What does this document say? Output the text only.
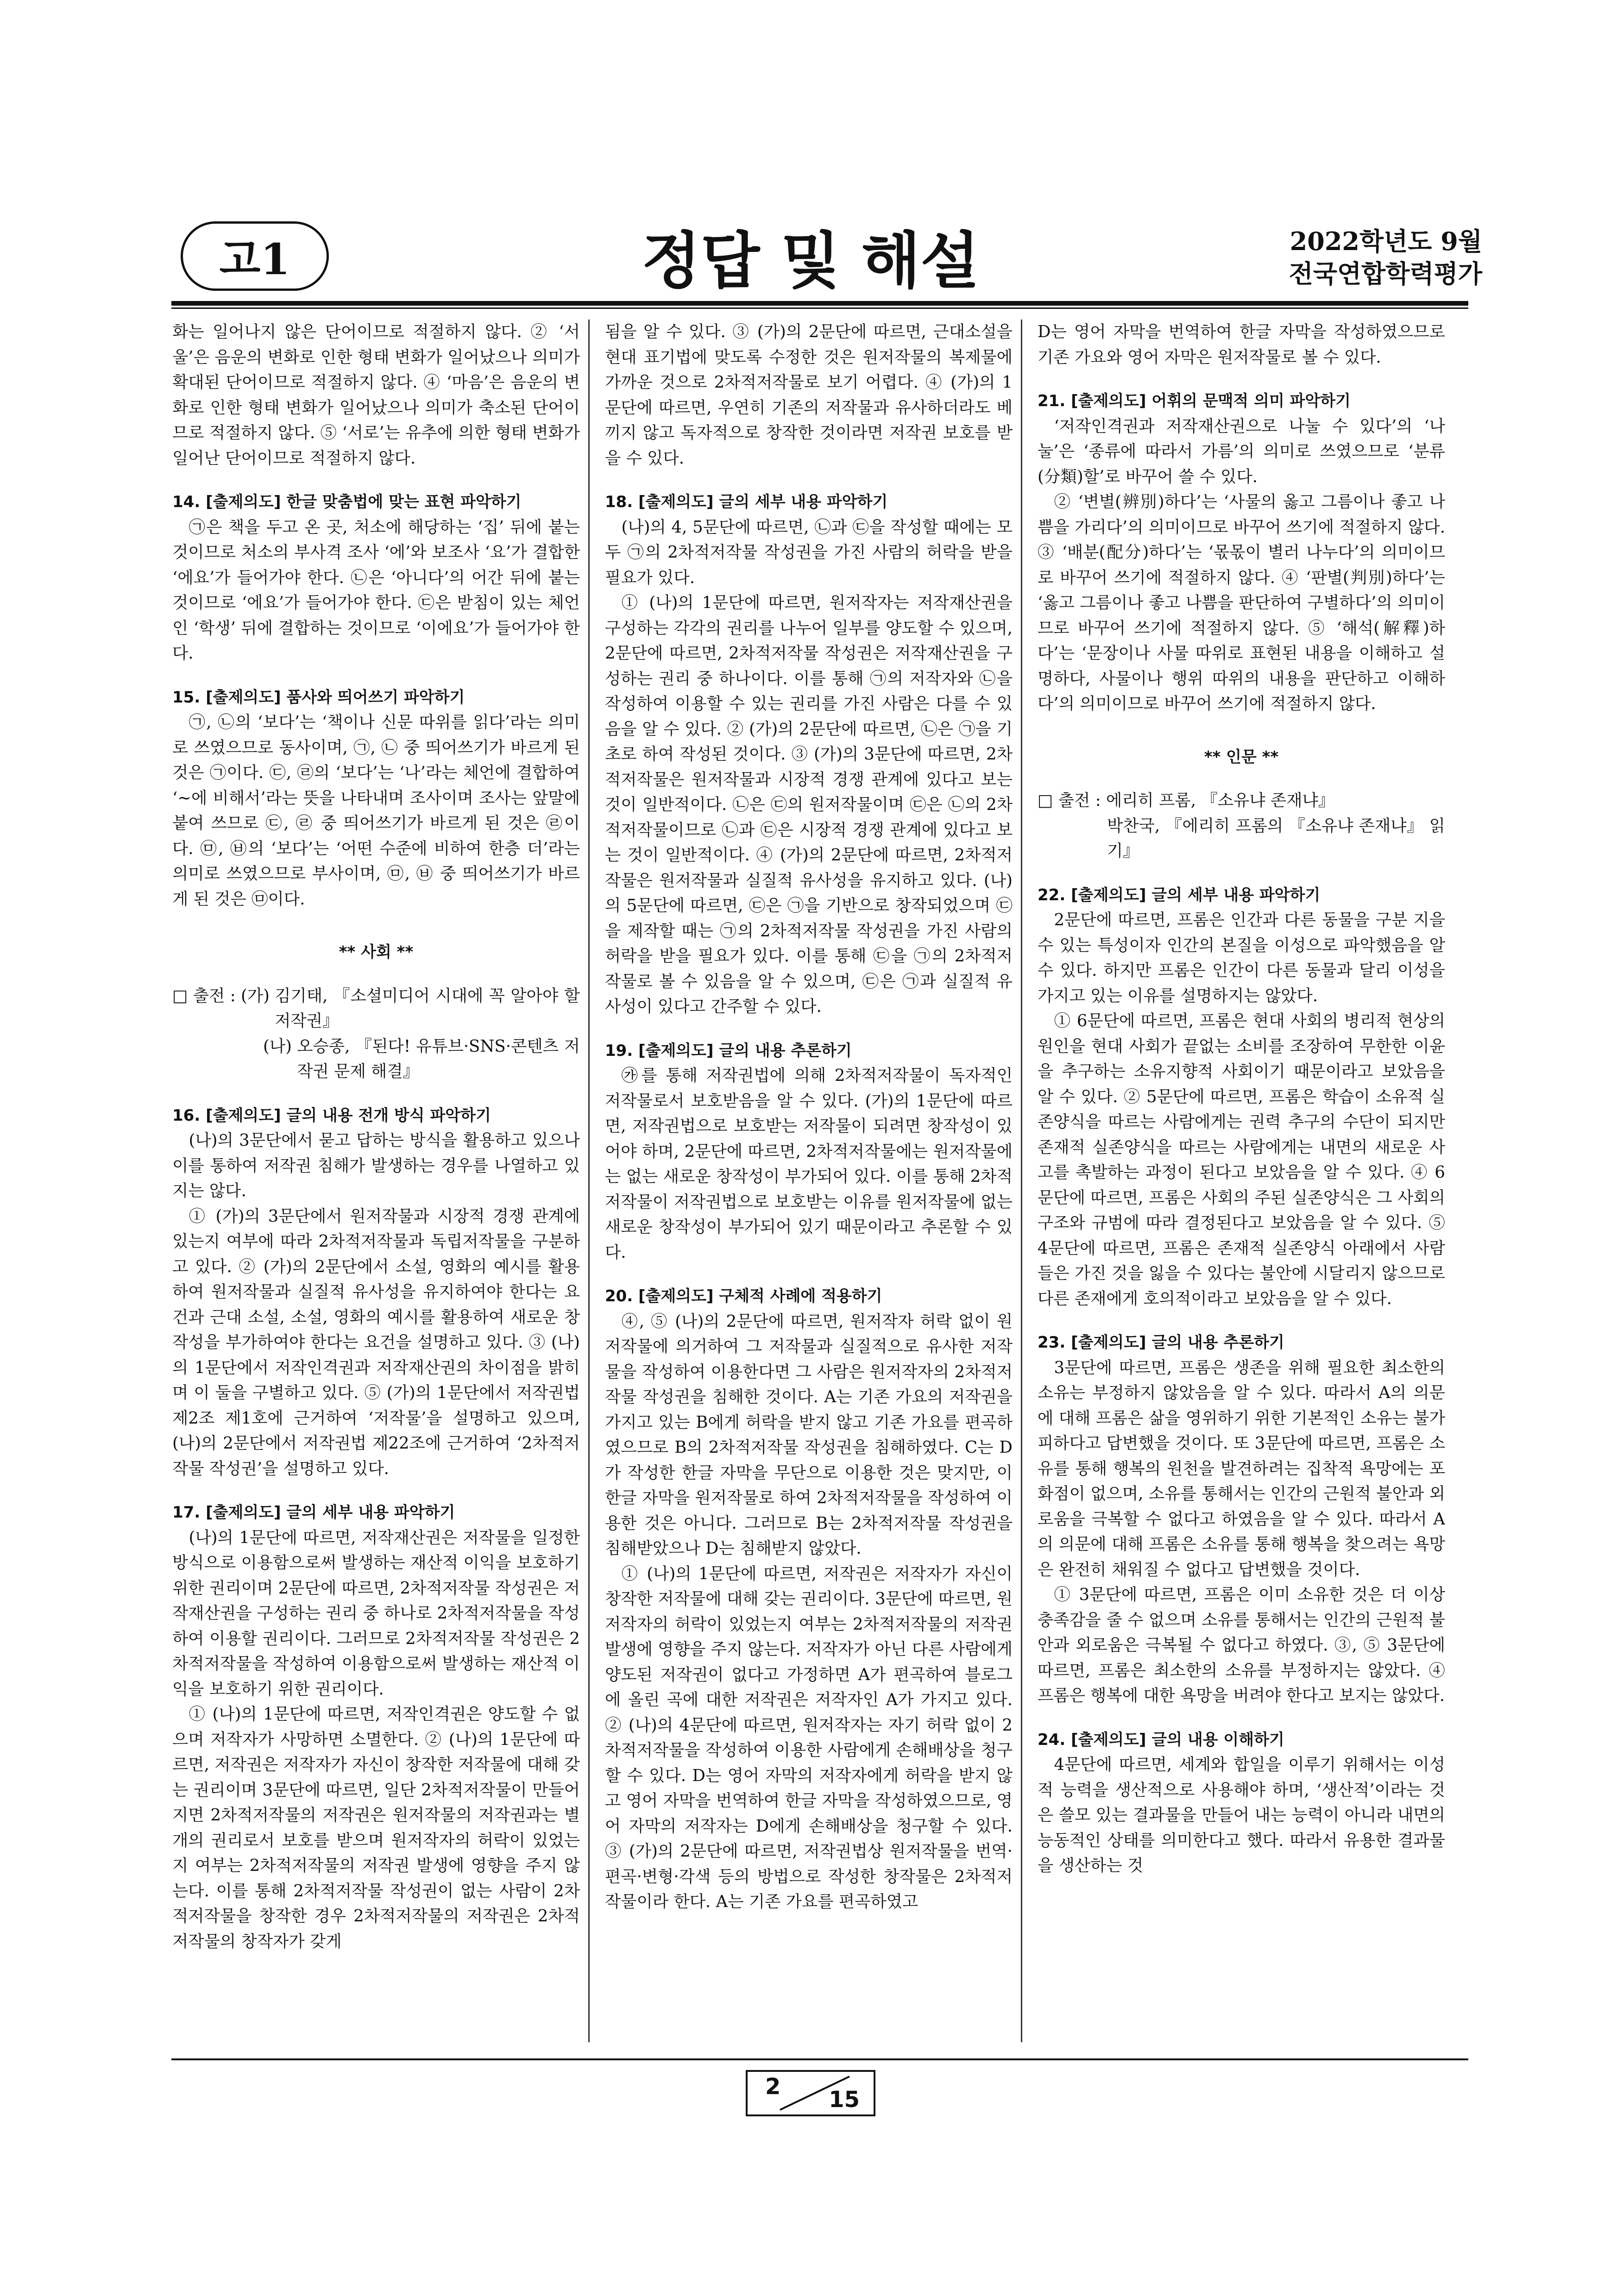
고1	정답 및 해설	2022학년도 9월
전국연합학력평가

화는 일어나지 않은 단어이므로 적절하지 않다. ② ‘서울’은 음운의 변화로 인한 형태 변화가 일어났으나 의미가 확대된 단어이므로 적절하지 않다. ④ ‘마음’은 음운의 변화로 인한 형태 변화가 일어났으나 의미가 축소된 단어이므로 적절하지 않다. ⑤ ‘서로’는 유추에 의한 형태 변화가 일어난 단어이므로 적절하지 않다.

14. [출제의도] 한글 맞춤법에 맞는 표현 파악하기

㉠은 책을 두고 온 곳, 처소에 해당하는 ‘집’ 뒤에 붙는 것이므로 처소의 부사격 조사 ‘에’와 보조사 ‘요’가 결합한 ‘에요’가 들어가야 한다. ㉡은 ‘아니다’의 어간 뒤에 붙는 것이므로 ‘에요’가 들어가야 한다. ㉢은 받침이 있는 체언인 ‘학생’ 뒤에 결합하는 것이므로 ‘이에요’가 들어가야 한다.

15. [출제의도] 품사와 띄어쓰기 파악하기

㉠, ㉡의 ‘보다’는 ‘책이나 신문 따위를 읽다’라는 의미로 쓰였으므로 동사이며, ㉠, ㉡ 중 띄어쓰기가 바르게 된 것은 ㉠이다. ㉢, ㉣의 ‘보다’는 ‘나’라는 체언에 결합하여 ‘~에 비해서’라는 뜻을 나타내며 조사이며 조사는 앞말에 붙여 쓰므로 ㉢, ㉣ 중 띄어쓰기가 바르게 된 것은 ㉣이다. ㉤, ㉥의 ‘보다’는 ‘어떤 수준에 비하여 한층 더’라는 의미로 쓰였으므로 부사이며, ㉤, ㉥ 중 띄어쓰기가 바르게 된 것은 ㉤이다.

** 사회 **
□ 출전 : (가) 김기태, 『소셜미디어 시대에 꼭 알아야 할 저작권』
(나) 오승종, 『된다! 유튜브·SNS·콘텐츠 저작권 문제 해결』
16. [출제의도] 글의 내용 전개 방식 파악하기

(나)의 3문단에서 묻고 답하는 방식을 활용하고 있으나 이를 통하여 저작권 침해가 발생하는 경우를 나열하고 있지는 않다.

① (가)의 3문단에서 원저작물과 시장적 경쟁 관계에 있는지 여부에 따라 2차적저작물과 독립저작물을 구분하고 있다. ② (가)의 2문단에서 소설, 영화의 예시를 활용하여 원저작물과 실질적 유사성을 유지하여야 한다는 요건과 근대 소설, 소설, 영화의 예시를 활용하여 새로운 창작성을 부가하여야 한다는 요건을 설명하고 있다. ③ (나)의 1문단에서 저작인격권과 저작재산권의 차이점을 밝히며 이 둘을 구별하고 있다. ⑤ (가)의 1문단에서 저작권법 제2조 제1호에 근거하여 ‘저작물’을 설명하고 있으며, (나)의 2문단에서 저작권법 제22조에 근거하여 ‘2차적저작물 작성권’을 설명하고 있다.

17. [출제의도] 글의 세부 내용 파악하기

(나)의 1문단에 따르면, 저작재산권은 저작물을 일정한 방식으로 이용함으로써 발생하는 재산적 이익을 보호하기 위한 권리이며 2문단에 따르면, 2차적저작물 작성권은 저작재산권을 구성하는 권리 중 하나로 2차적저작물을 작성하여 이용할 권리이다. 그러므로 2차적저작물 작성권은 2차적저작물을 작성하여 이용함으로써 발생하는 재산적 이익을 보호하기 위한 권리이다.

① (나)의 1문단에 따르면, 저작인격권은 양도할 수 없으며 저작자가 사망하면 소멸한다. ② (나)의 1문단에 따르면, 저작권은 저작자가 자신이 창작한 저작물에 대해 갖는 권리이며 3문단에 따르면, 일단 2차적저작물이 만들어지면 2차적저작물의 저작권은 원저작물의 저작권과는 별개의 권리로서 보호를 받으며 원저작자의 허락이 있었는지 여부는 2차적저작물의 저작권 발생에 영향을 주지 않는다. 이를 통해 2차적저작물 작성권이 없는 사람이 2차적저작물을 창작한 경우 2차적저작물의 저작권은 2차적저작물의 창작자가 갖게

됨을 알 수 있다. ③ (가)의 2문단에 따르면, 근대소설을 현대 표기법에 맞도록 수정한 것은 원저작물의 복제물에 가까운 것으로 2차적저작물로 보기 어렵다. ④ (가)의 1문단에 따르면, 우연히 기존의 저작물과 유사하더라도 베끼지 않고 독자적으로 창작한 것이라면 저작권 보호를 받을 수 있다.

18. [출제의도] 글의 세부 내용 파악하기

(나)의 4, 5문단에 따르면, ㉡과 ㉢을 작성할 때에는 모두 ㉠의 2차적저작물 작성권을 가진 사람의 허락을 받을 필요가 있다.

① (나)의 1문단에 따르면, 원저작자는 저작재산권을 구성하는 각각의 권리를 나누어 일부를 양도할 수 있으며, 2문단에 따르면, 2차적저작물 작성권은 저작재산권을 구성하는 권리 중 하나이다. 이를 통해 ㉠의 저작자와 ㉡을 작성하여 이용할 수 있는 권리를 가진 사람은 다를 수 있음을 알 수 있다. ② (가)의 2문단에 따르면, ㉡은 ㉠을 기초로 하여 작성된 것이다. ③ (가)의 3문단에 따르면, 2차적저작물은 원저작물과 시장적 경쟁 관계에 있다고 보는 것이 일반적이다. ㉡은 ㉢의 원저작물이며 ㉢은 ㉡의 2차적저작물이므로 ㉡과 ㉢은 시장적 경쟁 관계에 있다고 보는 것이 일반적이다. ④ (가)의 2문단에 따르면, 2차적저작물은 원저작물과 실질적 유사성을 유지하고 있다. (나)의 5문단에 따르면, ㉢은 ㉠을 기반으로 창작되었으며 ㉢을 제작할 때는 ㉠의 2차적저작물 작성권을 가진 사람의 허락을 받을 필요가 있다. 이를 통해 ㉢을 ㉠의 2차적저작물로 볼 수 있음을 알 수 있으며, ㉢은 ㉠과 실질적 유사성이 있다고 간주할 수 있다.

19. [출제의도] 글의 내용 추론하기

㉮를 통해 저작권법에 의해 2차적저작물이 독자적인 저작물로서 보호받음을 알 수 있다. (가)의 1문단에 따르면, 저작권법으로 보호받는 저작물이 되려면 창작성이 있어야 하며, 2문단에 따르면, 2차적저작물에는 원저작물에는 없는 새로운 창작성이 부가되어 있다. 이를 통해 2차적저작물이 저작권법으로 보호받는 이유를 원저작물에 없는 새로운 창작성이 부가되어 있기 때문이라고 추론할 수 있다.

20. [출제의도] 구체적 사례에 적용하기

④, ⑤ (나)의 2문단에 따르면, 원저작자 허락 없이 원저작물에 의거하여 그 저작물과 실질적으로 유사한 저작물을 작성하여 이용한다면 그 사람은 원저작자의 2차적저작물 작성권을 침해한 것이다. A는 기존 가요의 저작권을 가지고 있는 B에게 허락을 받지 않고 기존 가요를 편곡하였으므로 B의 2차적저작물 작성권을 침해하였다. C는 D가 작성한 한글 자막을 무단으로 이용한 것은 맞지만, 이 한글 자막을 원저작물로 하여 2차적저작물을 작성하여 이용한 것은 아니다. 그러므로 B는 2차적저작물 작성권을 침해받았으나 D는 침해받지 않았다.

① (나)의 1문단에 따르면, 저작권은 저작자가 자신이 창작한 저작물에 대해 갖는 권리이다. 3문단에 따르면, 원저작자의 허락이 있었는지 여부는 2차적저작물의 저작권 발생에 영향을 주지 않는다. 저작자가 아닌 다른 사람에게 양도된 저작권이 없다고 가정하면 A가 편곡하여 블로그에 올린 곡에 대한 저작권은 저작자인 A가 가지고 있다. ② (나)의 4문단에 따르면, 원저작자는 자기 허락 없이 2차적저작물을 작성하여 이용한 사람에게 손해배상을 청구할 수 있다. D는 영어 자막의 저작자에게 허락을 받지 않고 영어 자막을 번역하여 한글 자막을 작성하였으므로, 영어 자막의 저작자는 D에게 손해배상을 청구할 수 있다. ③ (가)의 2문단에 따르면, 저작권법상 원저작물을 번역·편곡·변형·각색 등의 방법으로 작성한 창작물은 2차적저작물이라 한다. A는 기존 가요를 편곡하였고

D는 영어 자막을 번역하여 한글 자막을 작성하였으므로 기존 가요와 영어 자막은 원저작물로 볼 수 있다.

21. [출제의도] 어휘의 문맥적 의미 파악하기

‘저작인격권과 저작재산권으로 나눌 수 있다’의 ‘나눌’은 ‘종류에 따라서 가름’의 의미로 쓰였으므로 ‘분류(分類)할’로 바꾸어 쓸 수 있다.

② ‘변별(辨別)하다’는 ‘사물의 옳고 그름이나 좋고 나쁨을 가리다’의 의미이므로 바꾸어 쓰기에 적절하지 않다. ③ ‘배분(配分)하다’는 ‘몫몫이 별러 나누다’의 의미이므로 바꾸어 쓰기에 적절하지 않다. ④ ‘판별(判別)하다’는 ‘옳고 그름이나 좋고 나쁨을 판단하여 구별하다’의 의미이므로 바꾸어 쓰기에 적절하지 않다. ⑤ ‘해석(解釋)하다’는 ‘문장이나 사물 따위로 표현된 내용을 이해하고 설명하다, 사물이나 행위 따위의 내용을 판단하고 이해하다’의 의미이므로 바꾸어 쓰기에 적절하지 않다.

** 인문 **
□ 출전 : 에리히 프롬, 『소유냐 존재냐』
박찬국, 『에리히 프롬의 『소유냐 존재냐』 읽기』
22. [출제의도] 글의 세부 내용 파악하기

2문단에 따르면, 프롬은 인간과 다른 동물을 구분 지을 수 있는 특성이자 인간의 본질을 이성으로 파악했음을 알 수 있다. 하지만 프롬은 인간이 다른 동물과 달리 이성을 가지고 있는 이유를 설명하지는 않았다.

① 6문단에 따르면, 프롬은 현대 사회의 병리적 현상의 원인을 현대 사회가 끝없는 소비를 조장하여 무한한 이윤을 추구하는 소유지향적 사회이기 때문이라고 보았음을 알 수 있다. ② 5문단에 따르면, 프롬은 학습이 소유적 실존양식을 따르는 사람에게는 권력 추구의 수단이 되지만 존재적 실존양식을 따르는 사람에게는 내면의 새로운 사고를 촉발하는 과정이 된다고 보았음을 알 수 있다. ④ 6문단에 따르면, 프롬은 사회의 주된 실존양식은 그 사회의 구조와 규범에 따라 결정된다고 보았음을 알 수 있다. ⑤ 4문단에 따르면, 프롬은 존재적 실존양식 아래에서 사람들은 가진 것을 잃을 수 있다는 불안에 시달리지 않으므로 다른 존재에게 호의적이라고 보았음을 알 수 있다.

23. [출제의도] 글의 내용 추론하기

3문단에 따르면, 프롬은 생존을 위해 필요한 최소한의 소유는 부정하지 않았음을 알 수 있다. 따라서 A의 의문에 대해 프롬은 삶을 영위하기 위한 기본적인 소유는 불가피하다고 답변했을 것이다. 또 3문단에 따르면, 프롬은 소유를 통해 행복의 원천을 발견하려는 집착적 욕망에는 포화점이 없으며, 소유를 통해서는 인간의 근원적 불안과 외로움을 극복할 수 없다고 하였음을 알 수 있다. 따라서 A의 의문에 대해 프롬은 소유를 통해 행복을 찾으려는 욕망은 완전히 채워질 수 없다고 답변했을 것이다.

① 3문단에 따르면, 프롬은 이미 소유한 것은 더 이상 충족감을 줄 수 없으며 소유를 통해서는 인간의 근원적 불안과 외로움은 극복될 수 없다고 하였다. ③, ⑤ 3문단에 따르면, 프롬은 최소한의 소유를 부정하지는 않았다. ④ 프롬은 행복에 대한 욕망을 버려야 한다고 보지는 않았다.

24. [출제의도] 글의 내용 이해하기

4문단에 따르면, 세계와 합일을 이루기 위해서는 이성적 능력을 생산적으로 사용해야 하며, ‘생산적’이라는 것은 쓸모 있는 결과물을 만들어 내는 능력이 아니라 내면의 능동적인 상태를 의미한다고 했다. 따라서 유용한 결과물을 생산하는 것

2 15
